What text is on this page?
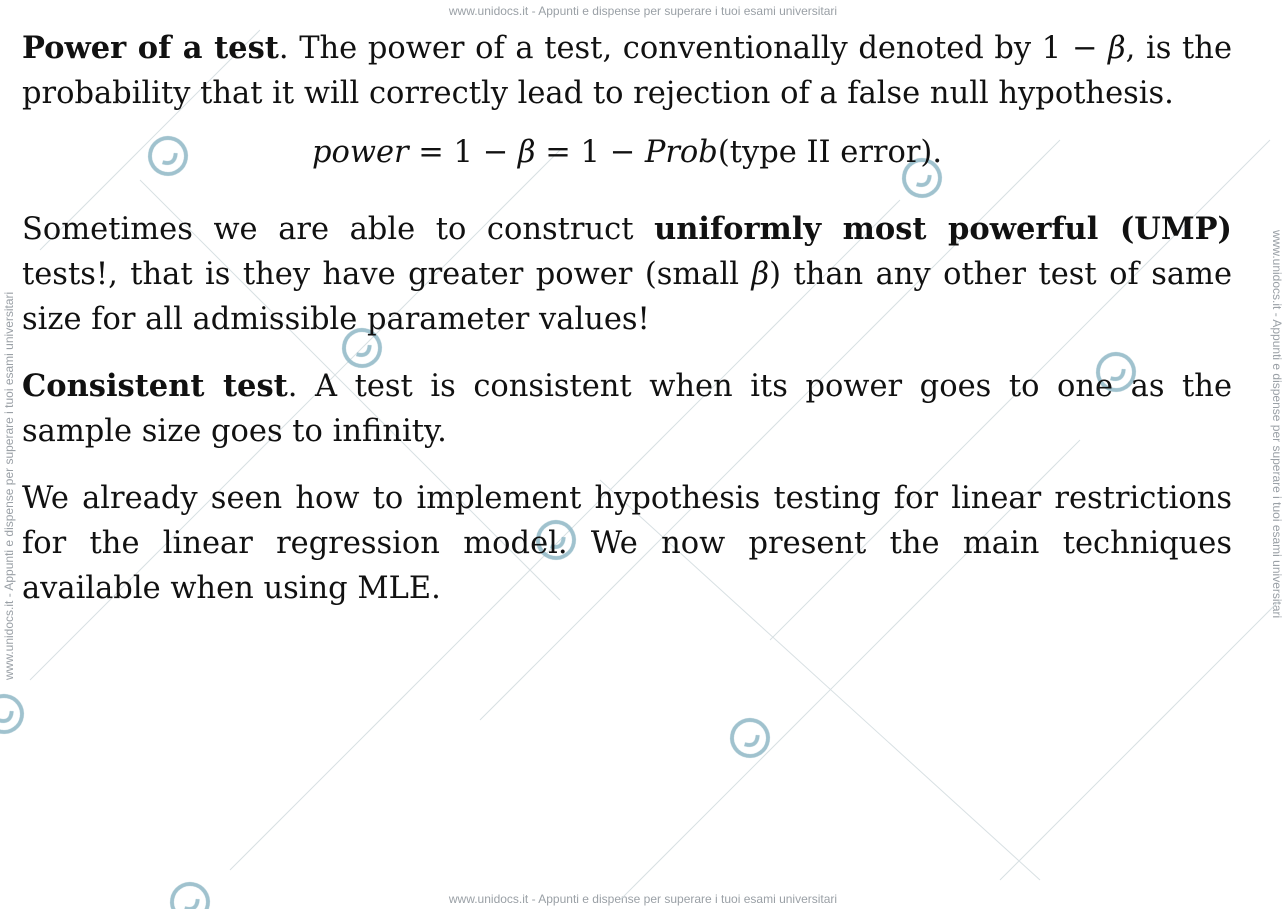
www.unidocs.it - Appunti e dispense per superare i tuoi esami universitari
www.unidocs.it - Appunti e dispense per superare i tuoi esami universitari
www.unidocs.it - Appunti e dispense per superare i tuoi esami universitari	www.unidocs.it - Appunti e dispense per superare i tuoi esami universitari

Power of a test. The power of a test, conventionally denoted by 1 − β, is the probability that it will correctly lead to rejection of a false null hypothesis.

power = 1 − β = 1 − Prob(type II error).

Sometimes we are able to construct uniformly most powerful (UMP) tests!, that is they have greater power (small β) than any other test of same size for all admissible parameter values!

Consistent test. A test is consistent when its power goes to one as the sample size goes to infinity.

We already seen how to implement hypothesis testing for linear restrictions for the linear regression model. We now present the main techniques available when using MLE.
